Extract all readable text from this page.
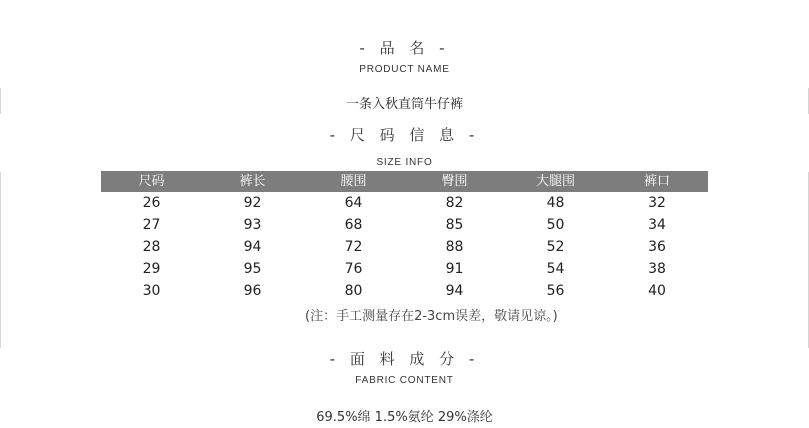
- 品 名 -
PRODUCT NAME
一条入秋直筒牛仔裤
- 尺 码 信 息 -
SIZE INFO
尺码	裤长	腰围	臀围	大腿围	裤口
26	92	64	82	48	32
27	93	68	85	50	34
28	94	72	88	52	36
29	95	76	91	54	38
30	96	80	94	56	40
(注：手工测量存在2-3cm误差，敬请见谅。)
- 面 料 成 分 -
FABRIC CONTENT
69.5%绵 1.5%氨纶 29%涤纶
